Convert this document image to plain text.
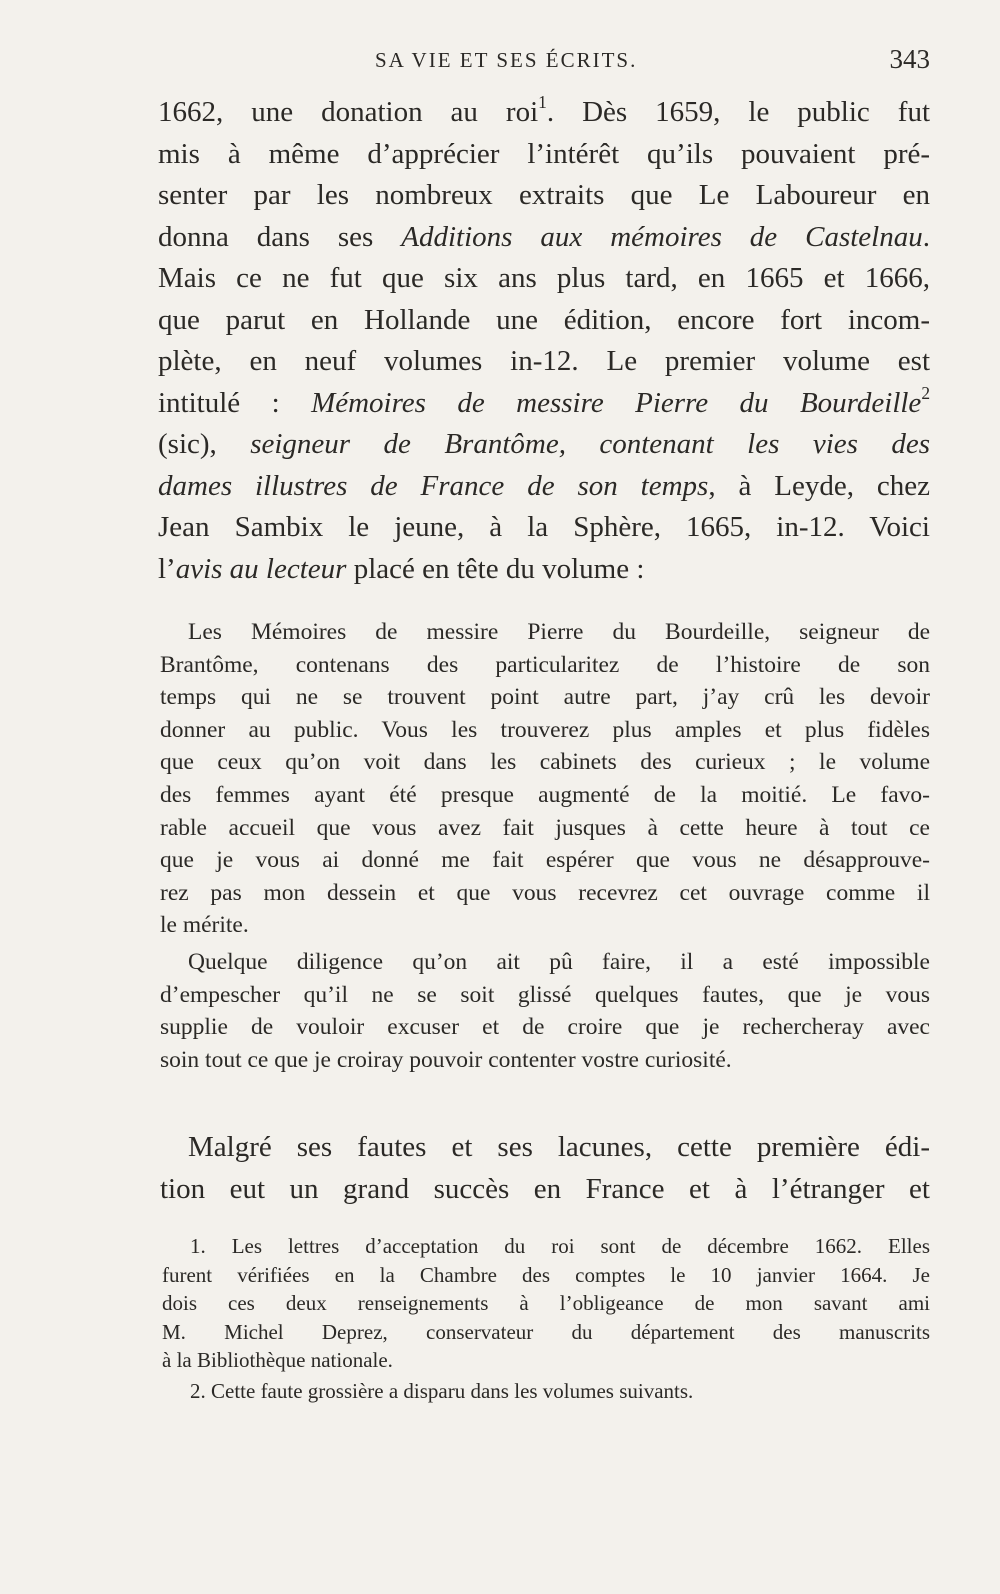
SA VIE ET SES ÉCRITS.	343
1662, une donation au roi$^1$. Dès 1659, le public fut
mis à même d’apprécier l’intérêt qu’ils pouvaient pré-
senter par les nombreux extraits que Le Laboureur en
donna dans ses Additions aux mémoires de Castelnau.
Mais ce ne fut que six ans plus tard, en 1665 et 1666,
que parut en Hollande une édition, encore fort incom-
plète, en neuf volumes in-12. Le premier volume est
intitulé : Mémoires de messire Pierre du Bourdeille$^2$
(sic), seigneur de Brantôme, contenant les vies des
dames illustres de France de son temps, à Leyde, chez
Jean Sambix le jeune, à la Sphère, 1665, in-12. Voici
l’avis au lecteur placé en tête du volume :

Les Mémoires de messire Pierre du Bourdeille, seigneur de
Brantôme, contenans des particularitez de l’histoire de son
temps qui ne se trouvent point autre part, j’ay crû les devoir
donner au public. Vous les trouverez plus amples et plus fidèles
que ceux qu’on voit dans les cabinets des curieux ; le volume
des femmes ayant été presque augmenté de la moitié. Le favo-
rable accueil que vous avez fait jusques à cette heure à tout ce
que je vous ai donné me fait espérer que vous ne désapprouve-
rez pas mon dessein et que vous recevrez cet ouvrage comme il
le mérite.

Quelque diligence qu’on ait pû faire, il a esté impossible
d’empescher qu’il ne se soit glissé quelques fautes, que je vous
supplie de vouloir excuser et de croire que je rechercheray avec
soin tout ce que je croiray pouvoir contenter vostre curiosité.

Malgré ses fautes et ses lacunes, cette première édi-
tion eut un grand succès en France et à l’étranger et

1. Les lettres d’acceptation du roi sont de décembre 1662. Elles
furent vérifiées en la Chambre des comptes le 10 janvier 1664. Je
dois ces deux renseignements à l’obligeance de mon savant ami
M. Michel Deprez, conservateur du département des manuscrits
à la Bibliothèque nationale.

2. Cette faute grossière a disparu dans les volumes suivants.
